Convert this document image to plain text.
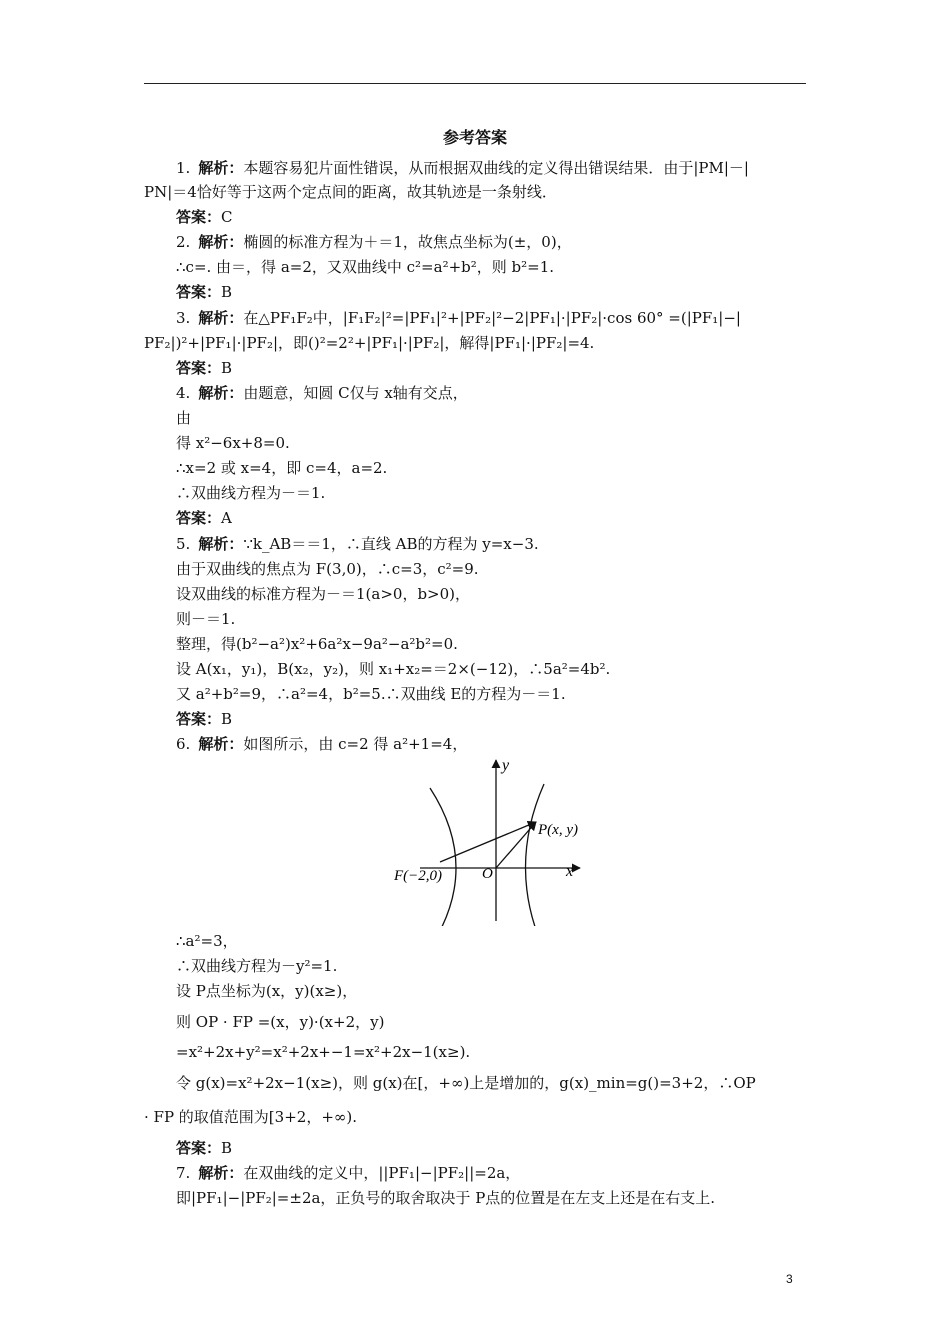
参考答案
1. 解析：本题容易犯片面性错误，从而根据双曲线的定义得出错误结果．由于|PM|－|
PN|＝4恰好等于这两个定点间的距离，故其轨迹是一条射线．
答案：C
2. 解析：椭圆的标准方程为＋＝1，故焦点坐标为(±，0)，
∴c=. 由＝，得 a=2，又双曲线中 c²=a²+b²，则 b²=1.
答案：B
3. 解析：在△PF₁F₂中，|F₁F₂|²=|PF₁|²+|PF₂|²−2|PF₁|·|PF₂|·cos 60° =(|PF₁|−|
PF₂|)²+|PF₁|·|PF₂|，即()²=2²+|PF₁|·|PF₂|，解得|PF₁|·|PF₂|=4.
答案：B
4. 解析：由题意，知圆 C仅与 x轴有交点，
由
得 x²−6x+8=0.
∴x=2 或 x=4，即 c=4，a=2.
∴双曲线方程为－＝1.
答案：A
5. 解析：∵k_AB＝＝1，∴直线 AB的方程为 y=x−3.
由于双曲线的焦点为 F(3,0)，∴c=3，c²=9.
设双曲线的标准方程为－＝1(a>0，b>0)，
则－＝1.
整理，得(b²−a²)x²+6a²x−9a²−a²b²=0.
设 A(x₁，y₁)，B(x₂，y₂)，则 x₁+x₂=＝2×(−12)，∴5a²=4b².
又 a²+b²=9，∴a²=4，b²=5.∴双曲线 E的方程为－＝1.
答案：B
6. 解析：如图所示，由 c=2 得 a²+1=4，
∴a²=3，
∴双曲线方程为－y²=1.
设 P点坐标为(x，y)(x≥)，
则 OP · FP =(x，y)·(x+2，y)
=x²+2x+y²=x²+2x+−1=x²+2x−1(x≥).
令 g(x)=x²+2x−1(x≥)，则 g(x)在[，+∞)上是增加的，g(x)_min=g()=3+2，∴OP
· FP 的取值范围为[3+2，+∞).
答案：B
7. 解析：在双曲线的定义中，||PF₁|−|PF₂||=2a，
即|PF₁|−|PF₂|=±2a，正负号的取舍取决于 P点的位置是在左支上还是在右支上.
y
x
O
P(x, y)
F(−2,0)
3
